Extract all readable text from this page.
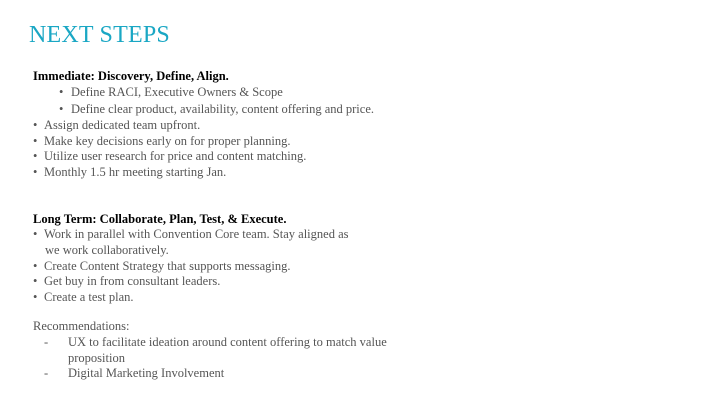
NEXT STEPS
Immediate: Discovery, Define, Align.
• Define RACI, Executive Owners & Scope
• Define clear product, availability, content offering and price.
• Assign dedicated team upfront.
• Make key decisions early on for proper planning.
• Utilize user research for price and content matching.
• Monthly 1.5 hr meeting starting Jan.
Long Term: Collaborate, Plan, Test, & Execute.
• Work in parallel with Convention Core team. Stay aligned as
we work collaboratively.
• Create Content Strategy that supports messaging.
• Get buy in from consultant leaders.
• Create a test plan.
Recommendations:
- UX to facilitate ideation around content offering to match value
proposition
- Digital Marketing Involvement
